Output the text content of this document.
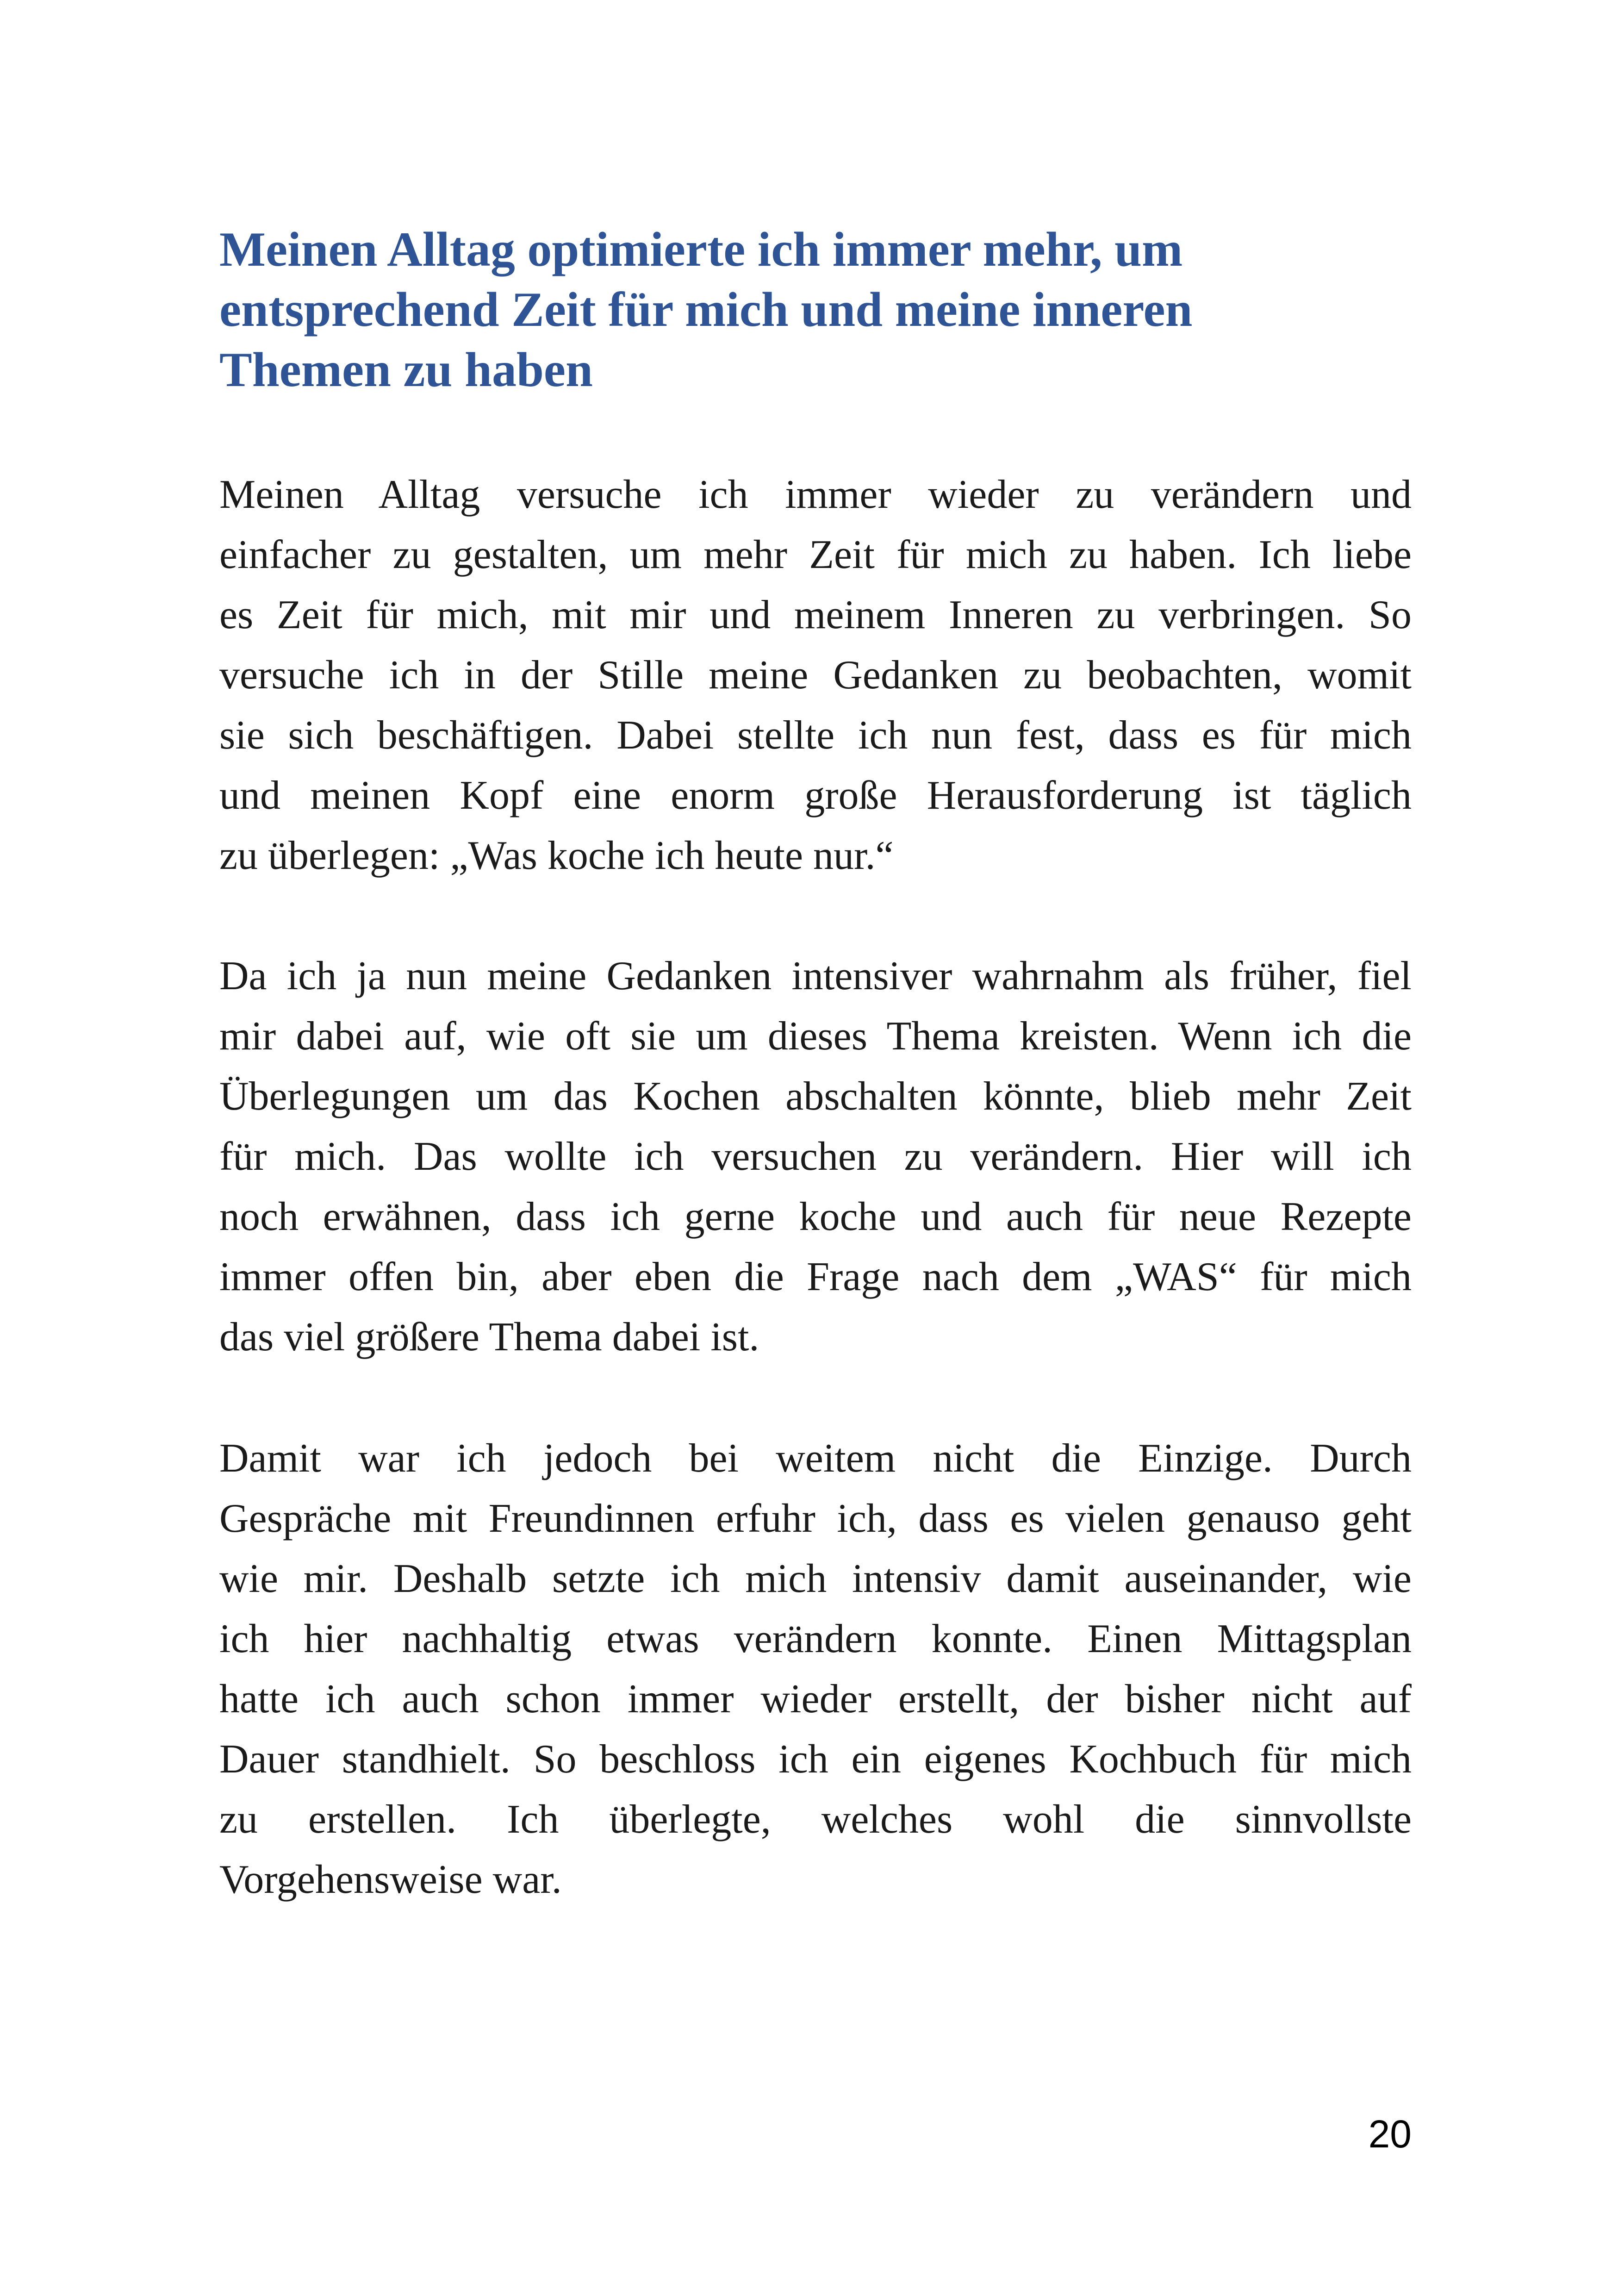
Meinen Alltag optimierte ich immer mehr, um
entsprechend Zeit für mich und meine inneren
Themen zu haben
Meinen Alltag versuche ich immer wieder zu verändern und
einfacher zu gestalten, um mehr Zeit für mich zu haben. Ich liebe
es Zeit für mich, mit mir und meinem Inneren zu verbringen. So
versuche ich in der Stille meine Gedanken zu beobachten, womit
sie sich beschäftigen. Dabei stellte ich nun fest, dass es für mich
und meinen Kopf eine enorm große Herausforderung ist täglich
zu überlegen: „Was koche ich heute nur.“
Da ich ja nun meine Gedanken intensiver wahrnahm als früher, fiel
mir dabei auf, wie oft sie um dieses Thema kreisten. Wenn ich die
Überlegungen um das Kochen abschalten könnte, blieb mehr Zeit
für mich. Das wollte ich versuchen zu verändern. Hier will ich
noch erwähnen, dass ich gerne koche und auch für neue Rezepte
immer offen bin, aber eben die Frage nach dem „WAS“ für mich
das viel größere Thema dabei ist.
Damit war ich jedoch bei weitem nicht die Einzige. Durch
Gespräche mit Freundinnen erfuhr ich, dass es vielen genauso geht
wie mir. Deshalb setzte ich mich intensiv damit auseinander, wie
ich hier nachhaltig etwas verändern konnte. Einen Mittagsplan
hatte ich auch schon immer wieder erstellt, der bisher nicht auf
Dauer standhielt. So beschloss ich ein eigenes Kochbuch für mich
zu erstellen. Ich überlegte, welches wohl die sinnvollste
Vorgehensweise war.
20
